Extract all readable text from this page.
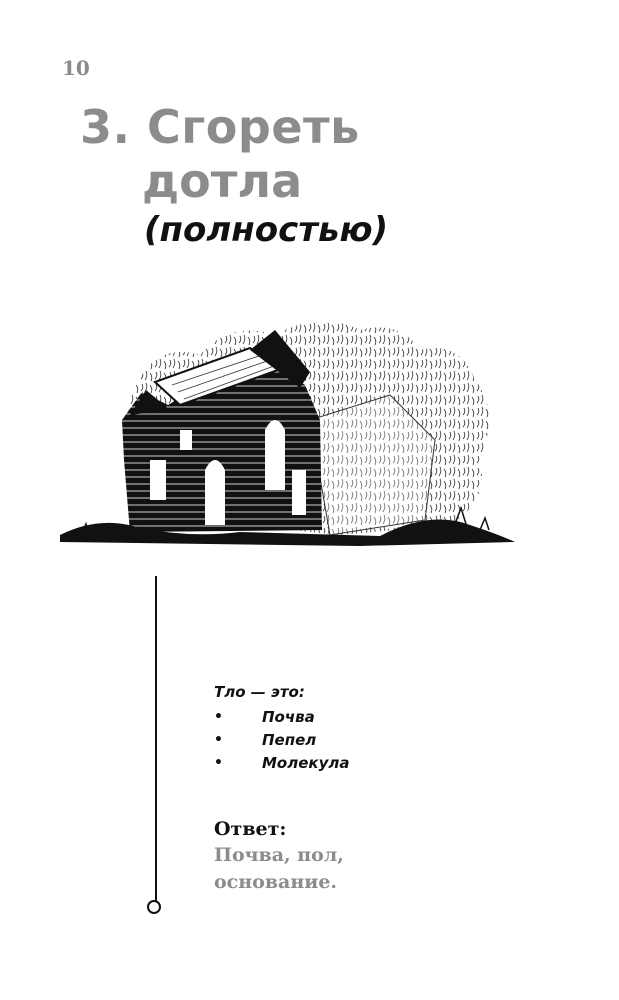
10
3. Сгореть
дотла
(полностью)
Тло — это:
•	Почва
•	Пепел
•	Молекула
Ответ:
Почва, пол,
основание.
